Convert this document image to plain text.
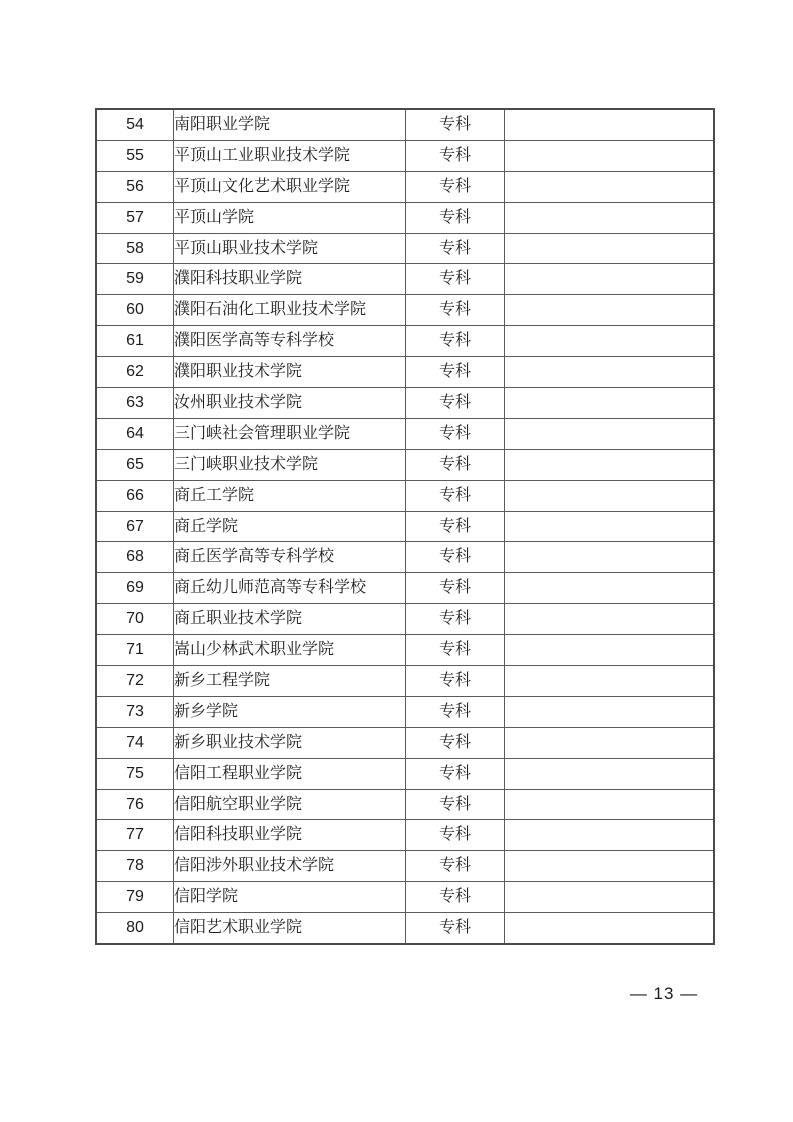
54	南阳职业学院	专科	
55	平顶山工业职业技术学院	专科	
56	平顶山文化艺术职业学院	专科	
57	平顶山学院	专科	
58	平顶山职业技术学院	专科	
59	濮阳科技职业学院	专科	
60	濮阳石油化工职业技术学院	专科	
61	濮阳医学高等专科学校	专科	
62	濮阳职业技术学院	专科	
63	汝州职业技术学院	专科	
64	三门峡社会管理职业学院	专科	
65	三门峡职业技术学院	专科	
66	商丘工学院	专科	
67	商丘学院	专科	
68	商丘医学高等专科学校	专科	
69	商丘幼儿师范高等专科学校	专科	
70	商丘职业技术学院	专科	
71	嵩山少林武术职业学院	专科	
72	新乡工程学院	专科	
73	新乡学院	专科	
74	新乡职业技术学院	专科	
75	信阳工程职业学院	专科	
76	信阳航空职业学院	专科	
77	信阳科技职业学院	专科	
78	信阳涉外职业技术学院	专科	
79	信阳学院	专科	
80	信阳艺术职业学院	专科	
— 13 —
